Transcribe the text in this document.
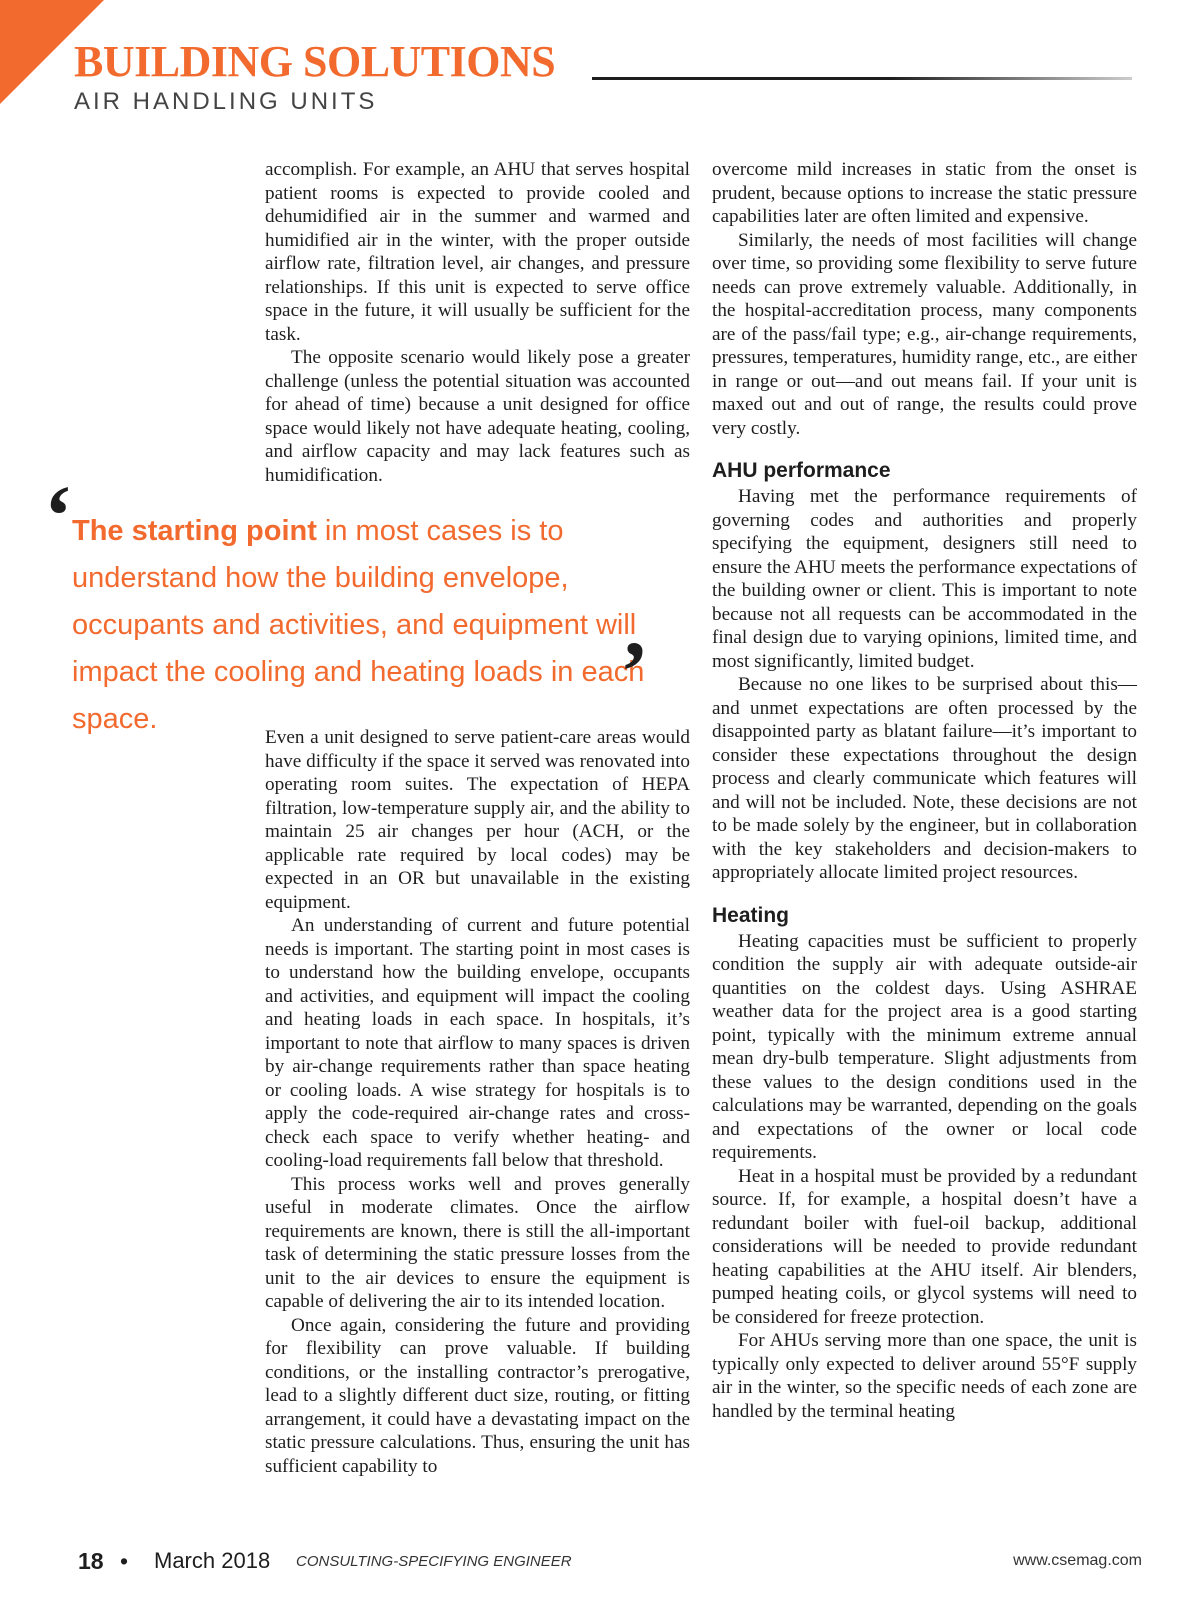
BUILDING SOLUTIONS
AIR HANDLING UNITS

accomplish. For example, an AHU that serves hospital patient rooms is expected to provide cooled and dehumidified air in the summer and warmed and humidified air in the winter, with the proper outside airflow rate, filtration level, air changes, and pressure relationships. If this unit is expected to serve office space in the future, it will usually be sufficient for the task.

The opposite scenario would likely pose a greater challenge (unless the potential situation was accounted for ahead of time) because a unit designed for office space would likely not have adequate heating, cooling, and airflow capacity and may lack features such as humidification.

‘ The starting point in most cases is to understand how the building envelope, occupants and activities, and equipment will impact the cooling and heating loads in each space.	’

Even a unit designed to serve patient-care areas would have difficulty if the space it served was renovated into operating room suites. The expectation of HEPA filtration, low-temperature supply air, and the ability to maintain 25 air changes per hour (ACH, or the applicable rate required by local codes) may be expected in an OR but unavailable in the existing equipment.

An understanding of current and future potential needs is important. The starting point in most cases is to understand how the building envelope, occupants and activities, and equipment will impact the cooling and heating loads in each space. In hospitals, it’s important to note that airflow to many spaces is driven by air-change requirements rather than space heating or cooling loads. A wise strategy for hospitals is to apply the code-required air-change rates and cross-check each space to verify whether heating- and cooling-load requirements fall below that threshold.

This process works well and proves generally useful in moderate climates. Once the airflow requirements are known, there is still the all-important task of determining the static pressure losses from the unit to the air devices to ensure the equipment is capable of delivering the air to its intended location.

Once again, considering the future and providing for flexibility can prove valuable. If building conditions, or the installing contractor’s prerogative, lead to a slightly different duct size, routing, or fitting arrangement, it could have a devastating impact on the static pressure calculations. Thus, ensuring the unit has sufficient capability to

overcome mild increases in static from the onset is prudent, because options to increase the static pressure capabilities later are often limited and expensive.

Similarly, the needs of most facilities will change over time, so providing some flexibility to serve future needs can prove extremely valuable. Additionally, in the hospital-accreditation process, many components are of the pass/fail type; e.g., air-change requirements, pressures, temperatures, humidity range, etc., are either in range or out—and out means fail. If your unit is maxed out and out of range, the results could prove very costly.

AHU performance

Having met the performance requirements of governing codes and authorities and properly specifying the equipment, designers still need to ensure the AHU meets the performance expectations of the building owner or client. This is important to note because not all requests can be accommodated in the final design due to varying opinions, limited time, and most significantly, limited budget.

Because no one likes to be surprised about this—and unmet expectations are often processed by the disappointed party as blatant failure—it’s important to consider these expectations throughout the design process and clearly communicate which features will and will not be included. Note, these decisions are not to be made solely by the engineer, but in collaboration with the key stakeholders and decision-makers to appropriately allocate limited project resources.

Heating

Heating capacities must be sufficient to properly condition the supply air with adequate outside-air quantities on the coldest days. Using ASHRAE weather data for the project area is a good starting point, typically with the minimum extreme annual mean dry-bulb temperature. Slight adjustments from these values to the design conditions used in the calculations may be warranted, depending on the goals and expectations of the owner or local code requirements.

Heat in a hospital must be provided by a redundant source. If, for example, a hospital doesn’t have a redundant boiler with fuel-oil backup, additional considerations will be needed to provide redundant heating capabilities at the AHU itself. Air blenders, pumped heating coils, or glycol systems will need to be considered for freeze protection.

For AHUs serving more than one space, the unit is typically only expected to deliver around 55°F supply air in the winter, so the specific needs of each zone are handled by the terminal heating

18 • March 2018 CONSULTING-SPECIFYING ENGINEER	www.csemag.com
